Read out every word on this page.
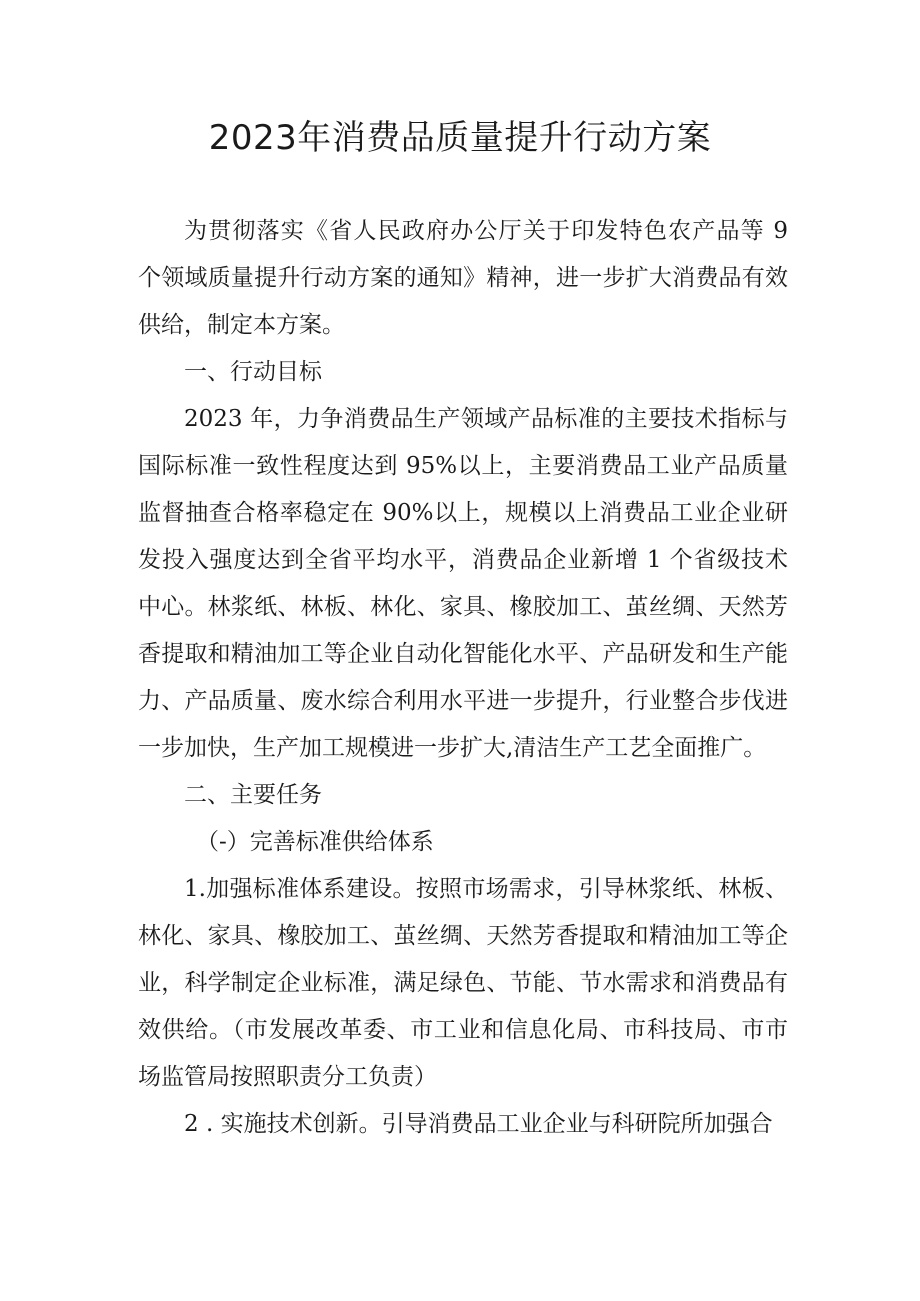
2023年消费品质量提升行动方案

为贯彻落实《省人民政府办公厅关于印发特色农产品等 9 个领域质量提升行动方案的通知》精神，进一步扩大消费品有效供给，制定本方案。

一、行动目标

2023 年，力争消费品生产领域产品标准的主要技术指标与国际标准一致性程度达到 95%以上，主要消费品工业产品质量监督抽查合格率稳定在 90%以上，规模以上消费品工业企业研发投入强度达到全省平均水平，消费品企业新增 1 个省级技术中心。林浆纸、林板、林化、家具、橡胶加工、茧丝绸、天然芳香提取和精油加工等企业自动化智能化水平、产品研发和生产能力、产品质量、废水综合利用水平进一步提升，行业整合步伐进一步加快，生产加工规模进一步扩大,清洁生产工艺全面推广。

二、主要任务

（-）完善标准供给体系

1.加强标准体系建设。按照市场需求，引导林浆纸、林板、林化、家具、橡胶加工、茧丝绸、天然芳香提取和精油加工等企业，科学制定企业标准，满足绿色、节能、节水需求和消费品有效供给。（市发展改革委、市工业和信息化局、市科技局、市市场监管局按照职责分工负责）

2 . 实施技术创新。引导消费品工业企业与科研院所加强合
